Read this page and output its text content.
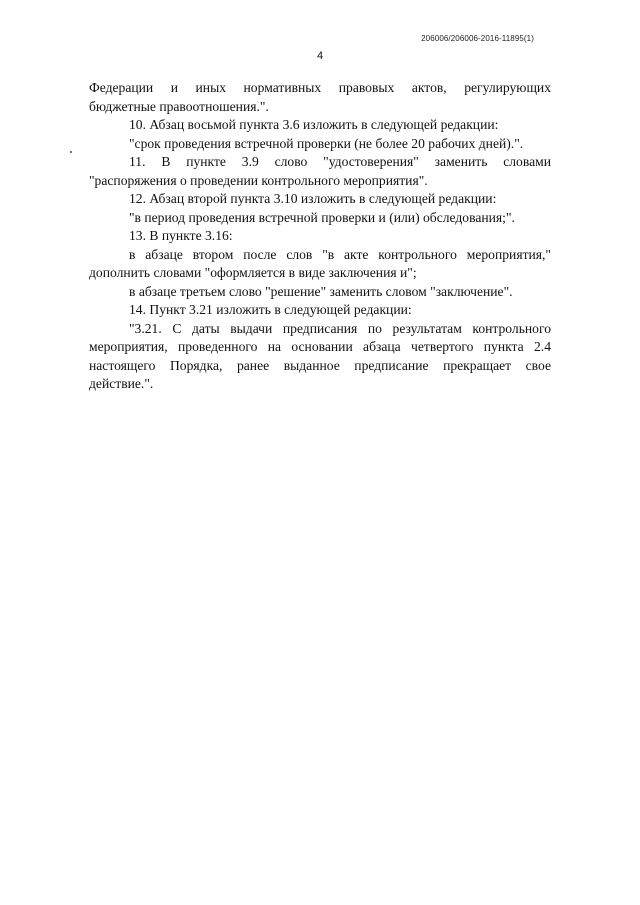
206006/206006-2016-11895(1)
4

Федерации и иных нормативных правовых актов, регулирующих

бюджетные правоотношения.".

10. Абзац восьмой пункта 3.6 изложить в следующей редакции:

"срок проведения встречной проверки (не более 20 рабочих дней).".

11. В пункте 3.9 слово "удостоверения" заменить словами

"распоряжения о проведении контрольного мероприятия".

12. Абзац второй пункта 3.10 изложить в следующей редакции:

"в период проведения встречной проверки и (или) обследования;".

13. В пункте 3.16:

в абзаце втором после слов "в акте контрольного мероприятия,"

дополнить словами "оформляется в виде заключения и";

в абзаце третьем слово "решение" заменить словом "заключение".

14. Пункт 3.21 изложить в следующей редакции:

"3.21. С даты выдачи предписания по результатам контрольного

мероприятия, проведенного на основании абзаца четвертого пункта 2.4

настоящего Порядка, ранее выданное предписание прекращает свое

действие.".
